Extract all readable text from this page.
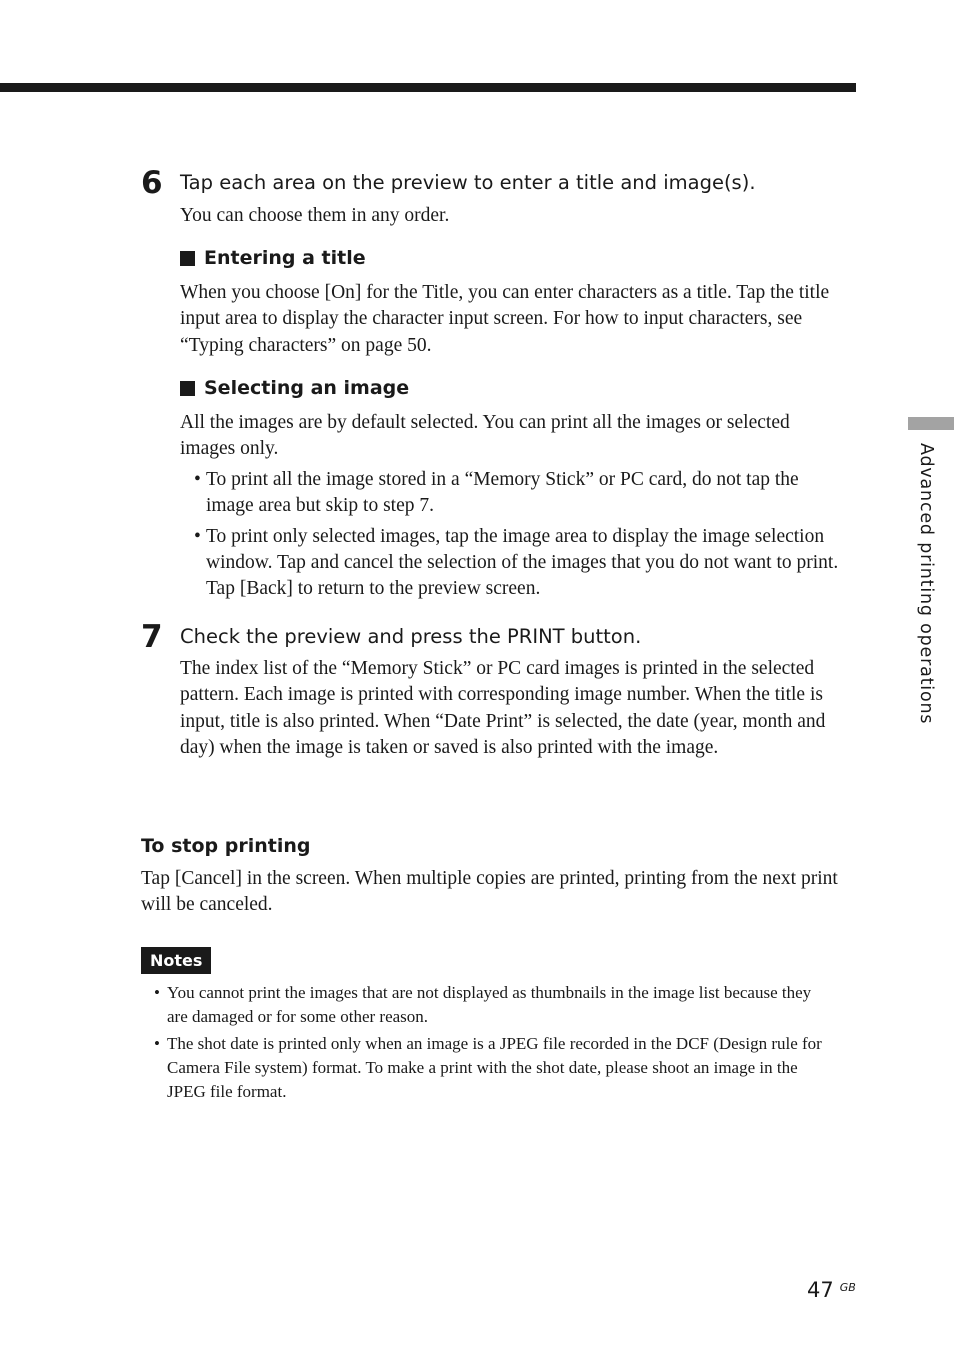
6 Tap each area on the preview to enter a title and image(s).
You can choose them in any order.
Entering a title
When you choose [On] for the Title, you can enter characters as a title. Tap the title input area to display the character input screen. For how to input characters, see “Typing characters” on page 50.
Selecting an image
All the images are by default selected. You can print all the images or selected images only.
• To print all the image stored in a “Memory Stick” or PC card, do not tap the image area but skip to step 7.
• To print only selected images, tap the image area to display the image selection window. Tap and cancel the selection of the images that you do not want to print. Tap [Back] to return to the preview screen.
7 Check the preview and press the PRINT button.
The index list of the “Memory Stick” or PC card images is printed in the selected pattern. Each image is printed with corresponding image number. When the title is input, title is also printed. When “Date Print” is selected, the date (year, month and day) when the image is taken or saved is also printed with the image.
To stop printing
Tap [Cancel] in the screen. When multiple copies are printed, printing from the next print will be canceled.
Notes
• You cannot print the images that are not displayed as thumbnails in the image list because they are damaged or for some other reason.
• The shot date is printed only when an image is a JPEG file recorded in the DCF (Design rule for Camera File system) format. To make a print with the shot date, please shoot an image in the JPEG file format.
Advanced printing operations
47 $^{GB}$
